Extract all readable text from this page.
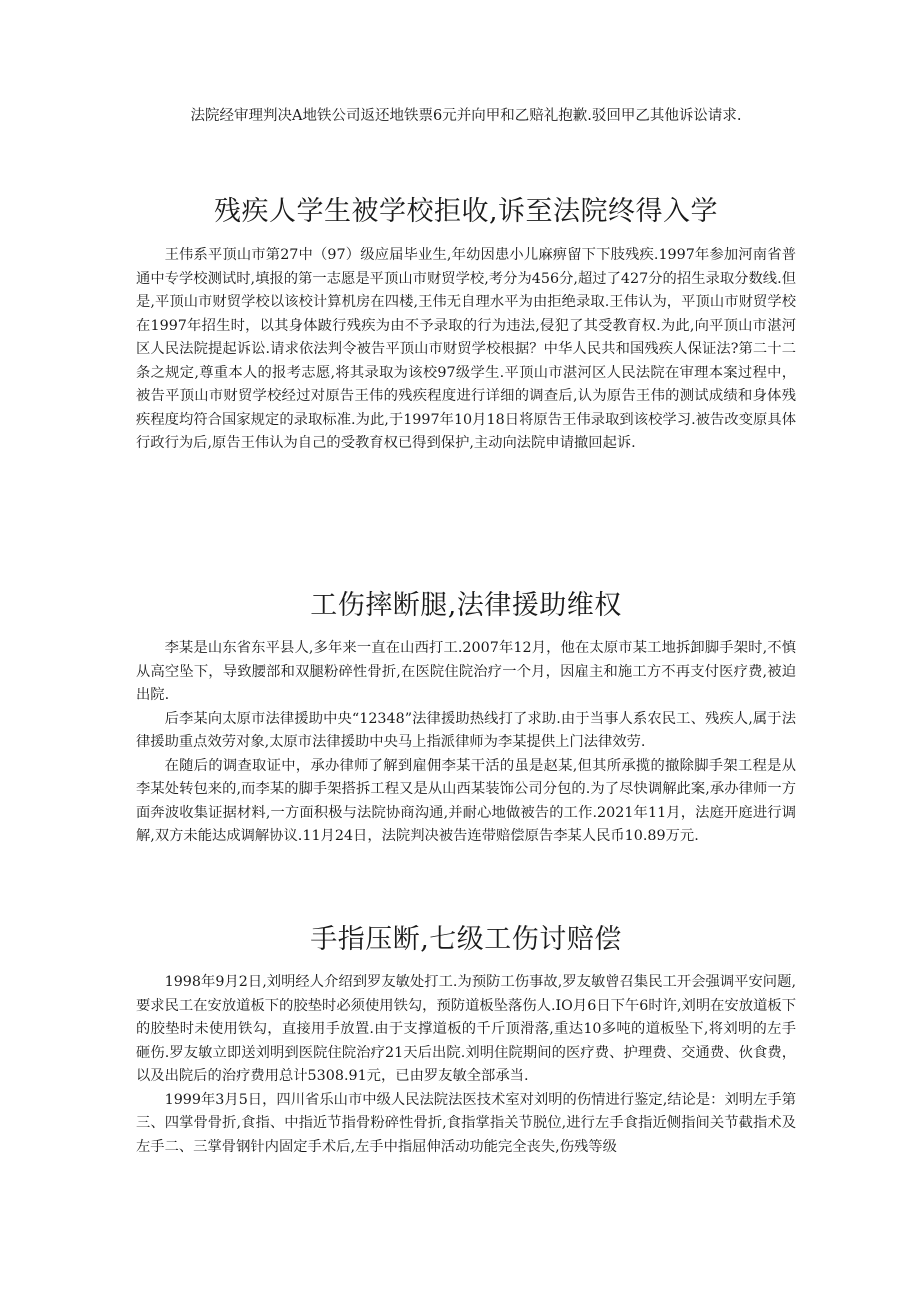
法院经审理判决A地铁公司返还地铁票6元并向甲和乙赔礼抱歉.驳回甲乙其他诉讼请求.
残疾人学生被学校拒收,诉至法院终得入学

王伟系平顶山市第27中（97）级应届毕业生,年幼因患小儿麻痹留下下肢残疾.1997年参加河南省普通中专学校测试时,填报的第一志愿是平顶山市财贸学校,考分为456分,超过了427分的招生录取分数线.但是,平顶山市财贸学校以该校计算机房在四楼,王伟无自理水平为由拒绝录取.王伟认为，平顶山市财贸学校在1997年招生时，以其身体跛行残疾为由不予录取的行为违法,侵犯了其受教育权.为此,向平顶山市湛河区人民法院提起诉讼.请求依法判令被告平顶山市财贸学校根据？中华人民共和国残疾人保证法?第二十二条之规定,尊重本人的报考志愿,将其录取为该校97级学生.平顶山市湛河区人民法院在审理本案过程中，被告平顶山市财贸学校经过对原告王伟的残疾程度进行详细的调查后,认为原告王伟的测试成绩和身体残疾程度均符合国家规定的录取标准.为此,于1997年10月18日将原告王伟录取到该校学习.被告改变原具体行政行为后,原告王伟认为自己的受教育权已得到保护,主动向法院申请撤回起诉.

工伤摔断腿,法律援助维权

李某是山东省东平县人,多年来一直在山西打工.2007年12月，他在太原市某工地拆卸脚手架时,不慎从高空坠下，导致腰部和双腿粉碎性骨折,在医院住院治疗一个月，因雇主和施工方不再支付医疗费,被迫出院.

后李某向太原市法律援助中央“12348”法律援助热线打了求助.由于当事人系农民工、残疾人,属于法律援助重点效劳对象,太原市法律援助中央马上指派律师为李某提供上门法律效劳.

在随后的调查取证中，承办律师了解到雇佣李某干活的虽是赵某,但其所承揽的撤除脚手架工程是从李某处转包来的,而李某的脚手架搭拆工程又是从山西某装饰公司分包的.为了尽快调解此案,承办律师一方面奔波收集证据材料,一方面积极与法院协商沟通,并耐心地做被告的工作.2021年11月，法庭开庭进行调解,双方未能达成调解协议.11月24日，法院判决被告连带赔偿原告李某人民币10.89万元.

手指压断,七级工伤讨赔偿

1998年9月2日,刘明经人介绍到罗友敏处打工.为预防工伤事故,罗友敏曾召集民工开会强调平安问题,要求民工在安放道板下的胶垫时必须使用铁勾，预防道板坠落伤人.IO月6日下午6时许,刘明在安放道板下的胶垫时未使用铁勾，直接用手放置.由于支撑道板的千斤顶滑落,重达10多吨的道板坠下,将刘明的左手砸伤.罗友敏立即送刘明到医院住院治疗21天后出院.刘明住院期间的医疗费、护理费、交通费、伙食费，以及出院后的治疗费用总计5308.91元，已由罗友敏全部承当.

1999年3月5日，四川省乐山市中级人民法院法医技术室对刘明的伤情进行鉴定,结论是：刘明左手第三、四掌骨骨折,食指、中指近节指骨粉碎性骨折,食指掌指关节脱位,进行左手食指近侧指间关节截指术及左手二、三掌骨钢针内固定手术后,左手中指屈伸活动功能完全丧失,伤残等级
